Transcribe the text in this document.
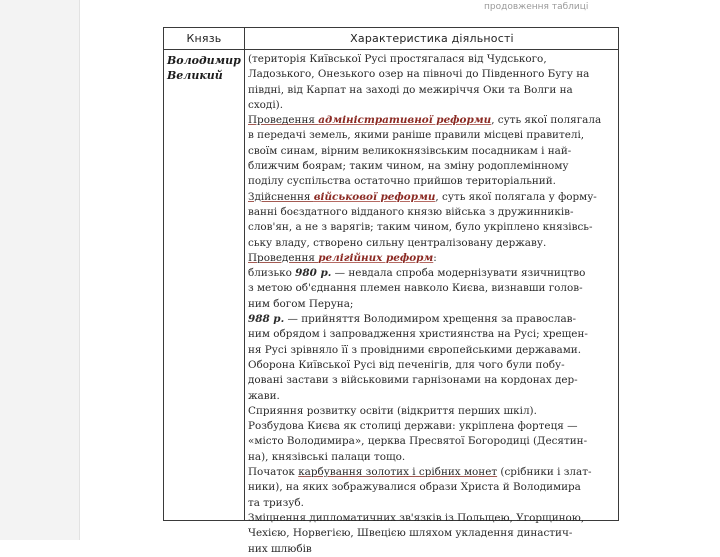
продовження таблиці
Князь	Характеристика діяльності
Володимир
Великий
(територія Київської Русі простягалася від Чудського,
Ладозького, Онезького озер на півночі до Південного Бугу на
півдні, від Карпат на заході до межиріччя Оки та Волги на
сході).
Проведення адміністративної реформи, суть якої полягала
в передачі земель, якими раніше правили місцеві правителі,
своїм синам, вірним великокнязівським посадникам і най-
ближчим боярам; таким чином, на зміну родоплемінному
поділу суспільства остаточно прийшов територіальний.
Здійснення військової реформи, суть якої полягала у форму-
ванні боєздатного відданого князю війська з дружинників-
слов'ян, а не з варягів; таким чином, було укріплено князівсь-
ську владу, створено сильну централізовану державу.
Проведення релігійних реформ:
близько 980 р. — невдала спроба модернізувати язичництво
з метою об'єднання племен навколо Києва, визнавши голов-
ним богом Перуна;
988 р. — прийняття Володимиром хрещення за православ-
ним обрядом і запровадження християнства на Русі; хрещен-
ня Русі зрівняло її з провідними європейськими державами.
Оборона Київської Русі від печенігів, для чого були побу-
довані застави з військовими гарнізонами на кордонах дер-
жави.
Сприяння розвитку освіти (відкриття перших шкіл).
Розбудова Києва як столиці держави: укріплена фортеця —
«місто Володимира», церква Пресвятої Богородиці (Десятин-
на), князівські палаци тощо.
Початок карбування золотих і срібних монет (срібники і злат-
ники), на яких зображувалися образи Христа й Володимира
та тризуб.
Зміцнення дипломатичних зв'язків із Польщею, Угорщиною,
Чехією, Норвегією, Швецією шляхом укладення династич-
них шлюбів
